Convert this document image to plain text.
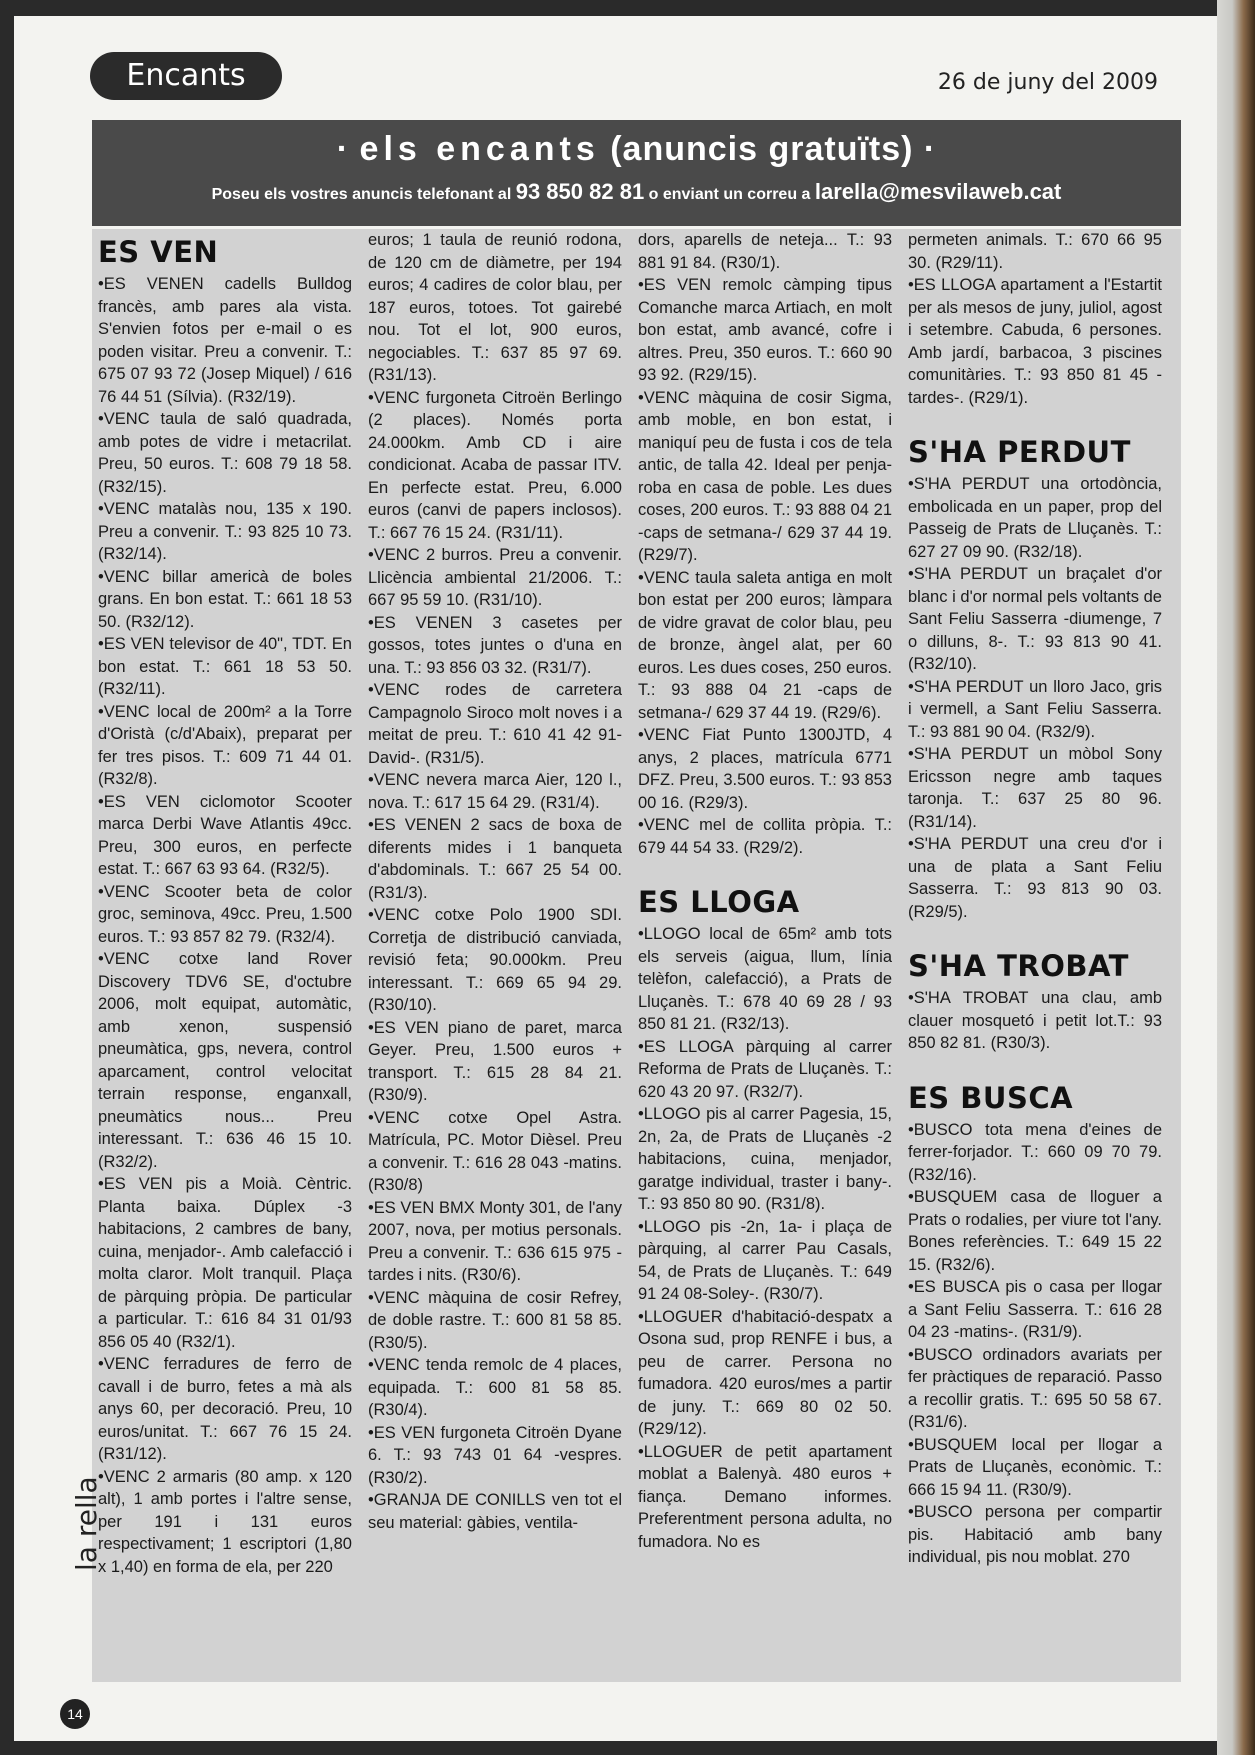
Encants	26 de juny del 2009
· els encants (anuncis gratuïts) ·
Poseu els vostres anuncis telefonant al 93 850 82 81 o enviant un correu a larella@mesvilaweb.cat
ES VEN

•ES VENEN cadells Bulldog francès, amb pares ala vista. S'envien fotos per e-mail o es poden visitar. Preu a convenir. T.: 675 07 93 72 (Josep Miquel) / 616 76 44 51 (Sílvia). (R32/19).

•VENC taula de saló quadrada, amb potes de vidre i metacrilat. Preu, 50 euros. T.: 608 79 18 58. (R32/15).

•VENC matalàs nou, 135 x 190. Preu a convenir. T.: 93 825 10 73. (R32/14).

•VENC billar americà de boles grans. En bon estat. T.: 661 18 53 50. (R32/12).

•ES VEN televisor de 40", TDT. En bon estat. T.: 661 18 53 50. (R32/11).

•VENC local de 200m² a la Torre d'Oristà (c/d'Abaix), preparat per fer tres pisos. T.: 609 71 44 01. (R32/8).

•ES VEN ciclomotor Scooter marca Derbi Wave Atlantis 49cc. Preu, 300 euros, en perfecte estat. T.: 667 63 93 64. (R32/5).

•VENC Scooter beta de color groc, seminova, 49cc. Preu, 1.500 euros. T.: 93 857 82 79. (R32/4).

•VENC cotxe land Rover Discovery TDV6 SE, d'octubre 2006, molt equipat, automàtic, amb xenon, suspensió pneumàtica, gps, nevera, control aparcament, control velocitat terrain response, enganxall, pneumàtics nous... Preu interessant. T.: 636 46 15 10. (R32/2).

•ES VEN pis a Moià. Cèntric. Planta baixa. Dúplex -3 habitacions, 2 cambres de bany, cuina, menjador-. Amb calefacció i molta claror. Molt tranquil. Plaça de pàrquing pròpia. De particular a particular. T.: 616 84 31 01/93 856 05 40 (R32/1).

•VENC ferradures de ferro de cavall i de burro, fetes a mà als anys 60, per decoració. Preu, 10 euros/unitat. T.: 667 76 15 24. (R31/12).

•VENC 2 armaris (80 amp. x 120 alt), 1 amb portes i l'altre sense, per 191 i 131 euros respectivament; 1 escriptori (1,80 x 1,40) en forma de ela, per 220

euros; 1 taula de reunió rodona, de 120 cm de diàmetre, per 194 euros; 4 cadires de color blau, per 187 euros, totoes. Tot gairebé nou. Tot el lot, 900 euros, negociables. T.: 637 85 97 69. (R31/13).

•VENC furgoneta Citroën Berlingo (2 places). Només porta 24.000km. Amb CD i aire condicionat. Acaba de passar ITV. En perfecte estat. Preu, 6.000 euros (canvi de papers inclosos). T.: 667 76 15 24. (R31/11).

•VENC 2 burros. Preu a convenir. Llicència ambiental 21/2006. T.: 667 95 59 10. (R31/10).

•ES VENEN 3 casetes per gossos, totes juntes o d'una en una. T.: 93 856 03 32. (R31/7).

•VENC rodes de carretera Campagnolo Siroco molt noves i a meitat de preu. T.: 610 41 42 91-David-. (R31/5).

•VENC nevera marca Aier, 120 l., nova. T.: 617 15 64 29. (R31/4).

•ES VENEN 2 sacs de boxa de diferents mides i 1 banqueta d'abdominals. T.: 667 25 54 00. (R31/3).

•VENC cotxe Polo 1900 SDI. Corretja de distribució canviada, revisió feta; 90.000km. Preu interessant. T.: 669 65 94 29. (R30/10).

•ES VEN piano de paret, marca Geyer. Preu, 1.500 euros + transport. T.: 615 28 84 21. (R30/9).

•VENC cotxe Opel Astra. Matrícula, PC. Motor Dièsel. Preu a convenir. T.: 616 28 043 -matins. (R30/8)

•ES VEN BMX Monty 301, de l'any 2007, nova, per motius personals. Preu a convenir. T.: 636 615 975 -tardes i nits. (R30/6).

•VENC màquina de cosir Refrey, de doble rastre. T.: 600 81 58 85. (R30/5).

•VENC tenda remolc de 4 places, equipada. T.: 600 81 58 85. (R30/4).

•ES VEN furgoneta Citroën Dyane 6. T.: 93 743 01 64 -vespres. (R30/2).

•GRANJA DE CONILLS ven tot el seu material: gàbies, ventila-

dors, aparells de neteja... T.: 93 881 91 84. (R30/1).

•ES VEN remolc càmping tipus Comanche marca Artiach, en molt bon estat, amb avancé, cofre i altres. Preu, 350 euros. T.: 660 90 93 92. (R29/15).

•VENC màquina de cosir Sigma, amb moble, en bon estat, i maniquí peu de fusta i cos de tela antic, de talla 42. Ideal per penja-roba en casa de poble. Les dues coses, 200 euros. T.: 93 888 04 21 -caps de setmana-/ 629 37 44 19. (R29/7).

•VENC taula saleta antiga en molt bon estat per 200 euros; làmpara de vidre gravat de color blau, peu de bronze, àngel alat, per 60 euros. Les dues coses, 250 euros. T.: 93 888 04 21 -caps de setmana-/ 629 37 44 19. (R29/6).

•VENC Fiat Punto 1300JTD, 4 anys, 2 places, matrícula 6771 DFZ. Preu, 3.500 euros. T.: 93 853 00 16. (R29/3).

•VENC mel de collita pròpia. T.: 679 44 54 33. (R29/2).

ES LLOGA

•LLOGO local de 65m² amb tots els serveis (aigua, llum, línia telèfon, calefacció), a Prats de Lluçanès. T.: 678 40 69 28 / 93 850 81 21. (R32/13).

•ES LLOGA pàrquing al carrer Reforma de Prats de Lluçanès. T.: 620 43 20 97. (R32/7).

•LLOGO pis al carrer Pagesia, 15, 2n, 2a, de Prats de Lluçanès -2 habitacions, cuina, menjador, garatge individual, traster i bany-. T.: 93 850 80 90. (R31/8).

•LLOGO pis -2n, 1a- i plaça de pàrquing, al carrer Pau Casals, 54, de Prats de Lluçanès. T.: 649 91 24 08-Soley-. (R30/7).

•LLOGUER d'habitació-despatx a Osona sud, prop RENFE i bus, a peu de carrer. Persona no fumadora. 420 euros/mes a partir de juny. T.: 669 80 02 50. (R29/12).

•LLOGUER de petit apartament moblat a Balenyà. 480 euros + fiança. Demano informes. Preferentment persona adulta, no fumadora. No es

permeten animals. T.: 670 66 95 30. (R29/11).

•ES LLOGA apartament a l'Estartit per als mesos de juny, juliol, agost i setembre. Cabuda, 6 persones. Amb jardí, barbacoa, 3 piscines comunitàries. T.: 93 850 81 45 -tardes-. (R29/1).

S'HA PERDUT

•S'HA PERDUT una ortodòncia, embolicada en un paper, prop del Passeig de Prats de Lluçanès. T.: 627 27 09 90. (R32/18).

•S'HA PERDUT un braçalet d'or blanc i d'or normal pels voltants de Sant Feliu Sasserra -diumenge, 7 o dilluns, 8-. T.: 93 813 90 41. (R32/10).

•S'HA PERDUT un lloro Jaco, gris i vermell, a Sant Feliu Sasserra. T.: 93 881 90 04. (R32/9).

•S'HA PERDUT un mòbol Sony Ericsson negre amb taques taronja. T.: 637 25 80 96. (R31/14).

•S'HA PERDUT una creu d'or i una de plata a Sant Feliu Sasserra. T.: 93 813 90 03. (R29/5).

S'HA TROBAT

•S'HA TROBAT una clau, amb clauer mosquetó i petit lot.T.: 93 850 82 81. (R30/3).

ES BUSCA

•BUSCO tota mena d'eines de ferrer-forjador. T.: 660 09 70 79. (R32/16).

•BUSQUEM casa de lloguer a Prats o rodalies, per viure tot l'any. Bones referències. T.: 649 15 22 15. (R32/6).

•ES BUSCA pis o casa per llogar a Sant Feliu Sasserra. T.: 616 28 04 23 -matins-. (R31/9).

•BUSCO ordinadors avariats per fer pràctiques de reparació. Passo a recollir gratis. T.: 695 50 58 67. (R31/6).

•BUSQUEM local per llogar a Prats de Lluçanès, econòmic. T.: 666 15 94 11. (R30/9).

•BUSCO persona per compartir pis. Habitació amb bany individual, pis nou moblat. 270

la rella
14
